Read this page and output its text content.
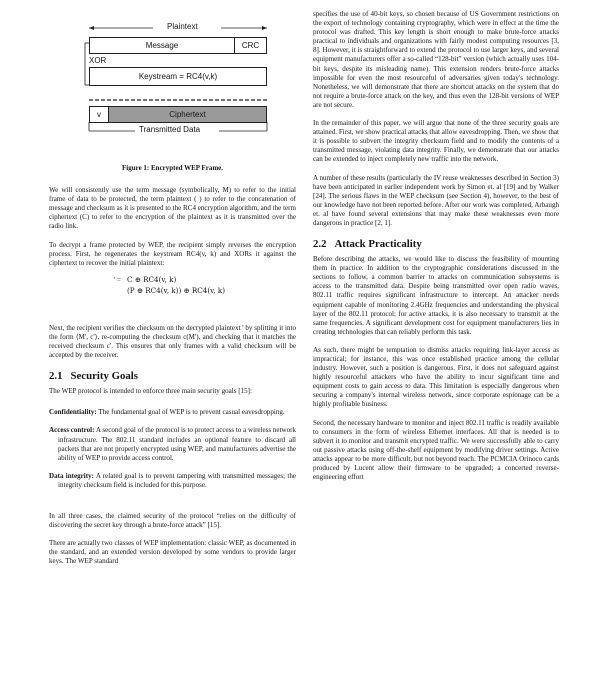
Plaintext
Message	CRC
XOR
Keystream = RC4(v,k)
v	Ciphertext
Transmitted Data

Figure 1: Encrypted WEP Frame.

We will consistently use the term message (symbolically, M) to refer to the initial frame of data to be protected, the term plaintext ( ) to refer to the concatenation of message and checksum as it is presented to the RC4 encryption algorithm, and the term ciphertext (C) to refer to the encryption of the plaintext as it is transmitted over the radio link.

To decrypt a frame protected by WEP, the recipient simply reverses the encryption process. First, he regenerates the keystream RC4(v, k) and XORs it against the ciphertext to recover the initial plaintext:

' = C ⊕ RC4(v, k)
(P ⊕ RC4(v, k)) ⊕ RC4(v, k)

Next, the recipient verifies the checksum on the decrypted plaintext ' by splitting it into the form ⟨M', c'⟩, re-computing the checksum c(M'), and checking that it matches the received checksum c'. This ensures that only frames with a valid checksum will be accepted by the receiver.

2.1 Security Goals

The WEP protocol is intended to enforce three main security goals [15]:

Confidentiality: The fundamental goal of WEP is to prevent casual eavesdropping.

Access control: A second goal of the protocol is to protect access to a wireless network infrastructure. The 802.11 standard includes an optional feature to discard all packets that are not properly encrypted using WEP, and manufacturers advertise the ability of WEP to provide access control.

Data integrity: A related goal is to prevent tampering with transmitted messages; the integrity checksum field is included for this purpose.

In all three cases, the claimed security of the protocol “relies on the difficulty of discovering the secret key through a brute-force attack” [15].

There are actually two classes of WEP implementation: classic WEP, as documented in the standard, and an extended version developed by some vendors to provide larger keys. The WEP standard

specifies the use of 40-bit keys, so chosen because of US Government restrictions on the export of technology containing cryptography, which were in effect at the time the protocol was drafted. This key length is short enough to make brute-force attacks practical to individuals and organizations with fairly modest computing resources [3, 8]. However, it is straightforward to extend the protocol to use larger keys, and several equipment manufacturers offer a so-called “128-bit” version (which actually uses 104-bit keys, despite its misleading name). This extension renders brute-force attacks impossible for even the most resourceful of adversaries given today's technology. Nonetheless, we will demonstrate that there are shortcut attacks on the system that do not require a brute-force attack on the key, and thus even the 128-bit versions of WEP are not secure.

In the remainder of this paper, we will argue that none of the three security goals are attained. First, we show practical attacks that allow eavesdropping. Then, we show that it is possible to subvert the integrity checksum field and to modify the contents of a transmitted message, violating data integrity. Finally, we demonstrate that our attacks can be extended to inject completely new traffic into the network.

A number of these results (particularly the IV reuse weaknesses described in Section 3) have been anticipated in earlier independent work by Simon et. al [19] and by Walker [24]. The serious flaws in the WEP checksum (see Section 4), however, to the best of our knowledge have not been reported before. After our work was completed, Arbaugh et. al have found several extensions that may make these weaknesses even more dangerous in practice [2, 1].

2.2 Attack Practicality

Before describing the attacks, we would like to discuss the feasibility of mounting them in practice. In addition to the cryptographic considerations discussed in the sections to follow, a common barrier to attacks on communication subsystems is access to the transmitted data. Despite being transmitted over open radio waves, 802.11 traffic requires significant infrastructure to intercept. An attacker needs equipment capable of monitoring 2.4GHz frequencies and understanding the physical layer of the 802.11 protocol; for active attacks, it is also necessary to transmit at the same frequencies. A significant development cost for equipment manufacturers lies in creating technologies that can reliably perform this task.

As such, there might be temptation to dismiss attacks requiring link-layer access as impractical; for instance, this was once established practice among the cellular industry. However, such a position is dangerous. First, it does not safeguard against highly resourceful attackers who have the ability to incur significant time and equipment costs to gain access to data. This limitation is especially dangerous when securing a company's internal wireless network, since corporate espionage can be a highly profitable business.

Second, the necessary hardware to monitor and inject 802.11 traffic is readily available to consumers in the form of wireless Ethernet interfaces. All that is needed is to subvert it to monitor and transmit encrypted traffic. We were successfully able to carry out passive attacks using off-the-shelf equipment by modifying driver settings. Active attacks appear to be more difficult, but not beyond reach. The PCMCIA Orinoco cards produced by Lucent allow their firmware to be upgraded; a concerted reverse-engineering effort
